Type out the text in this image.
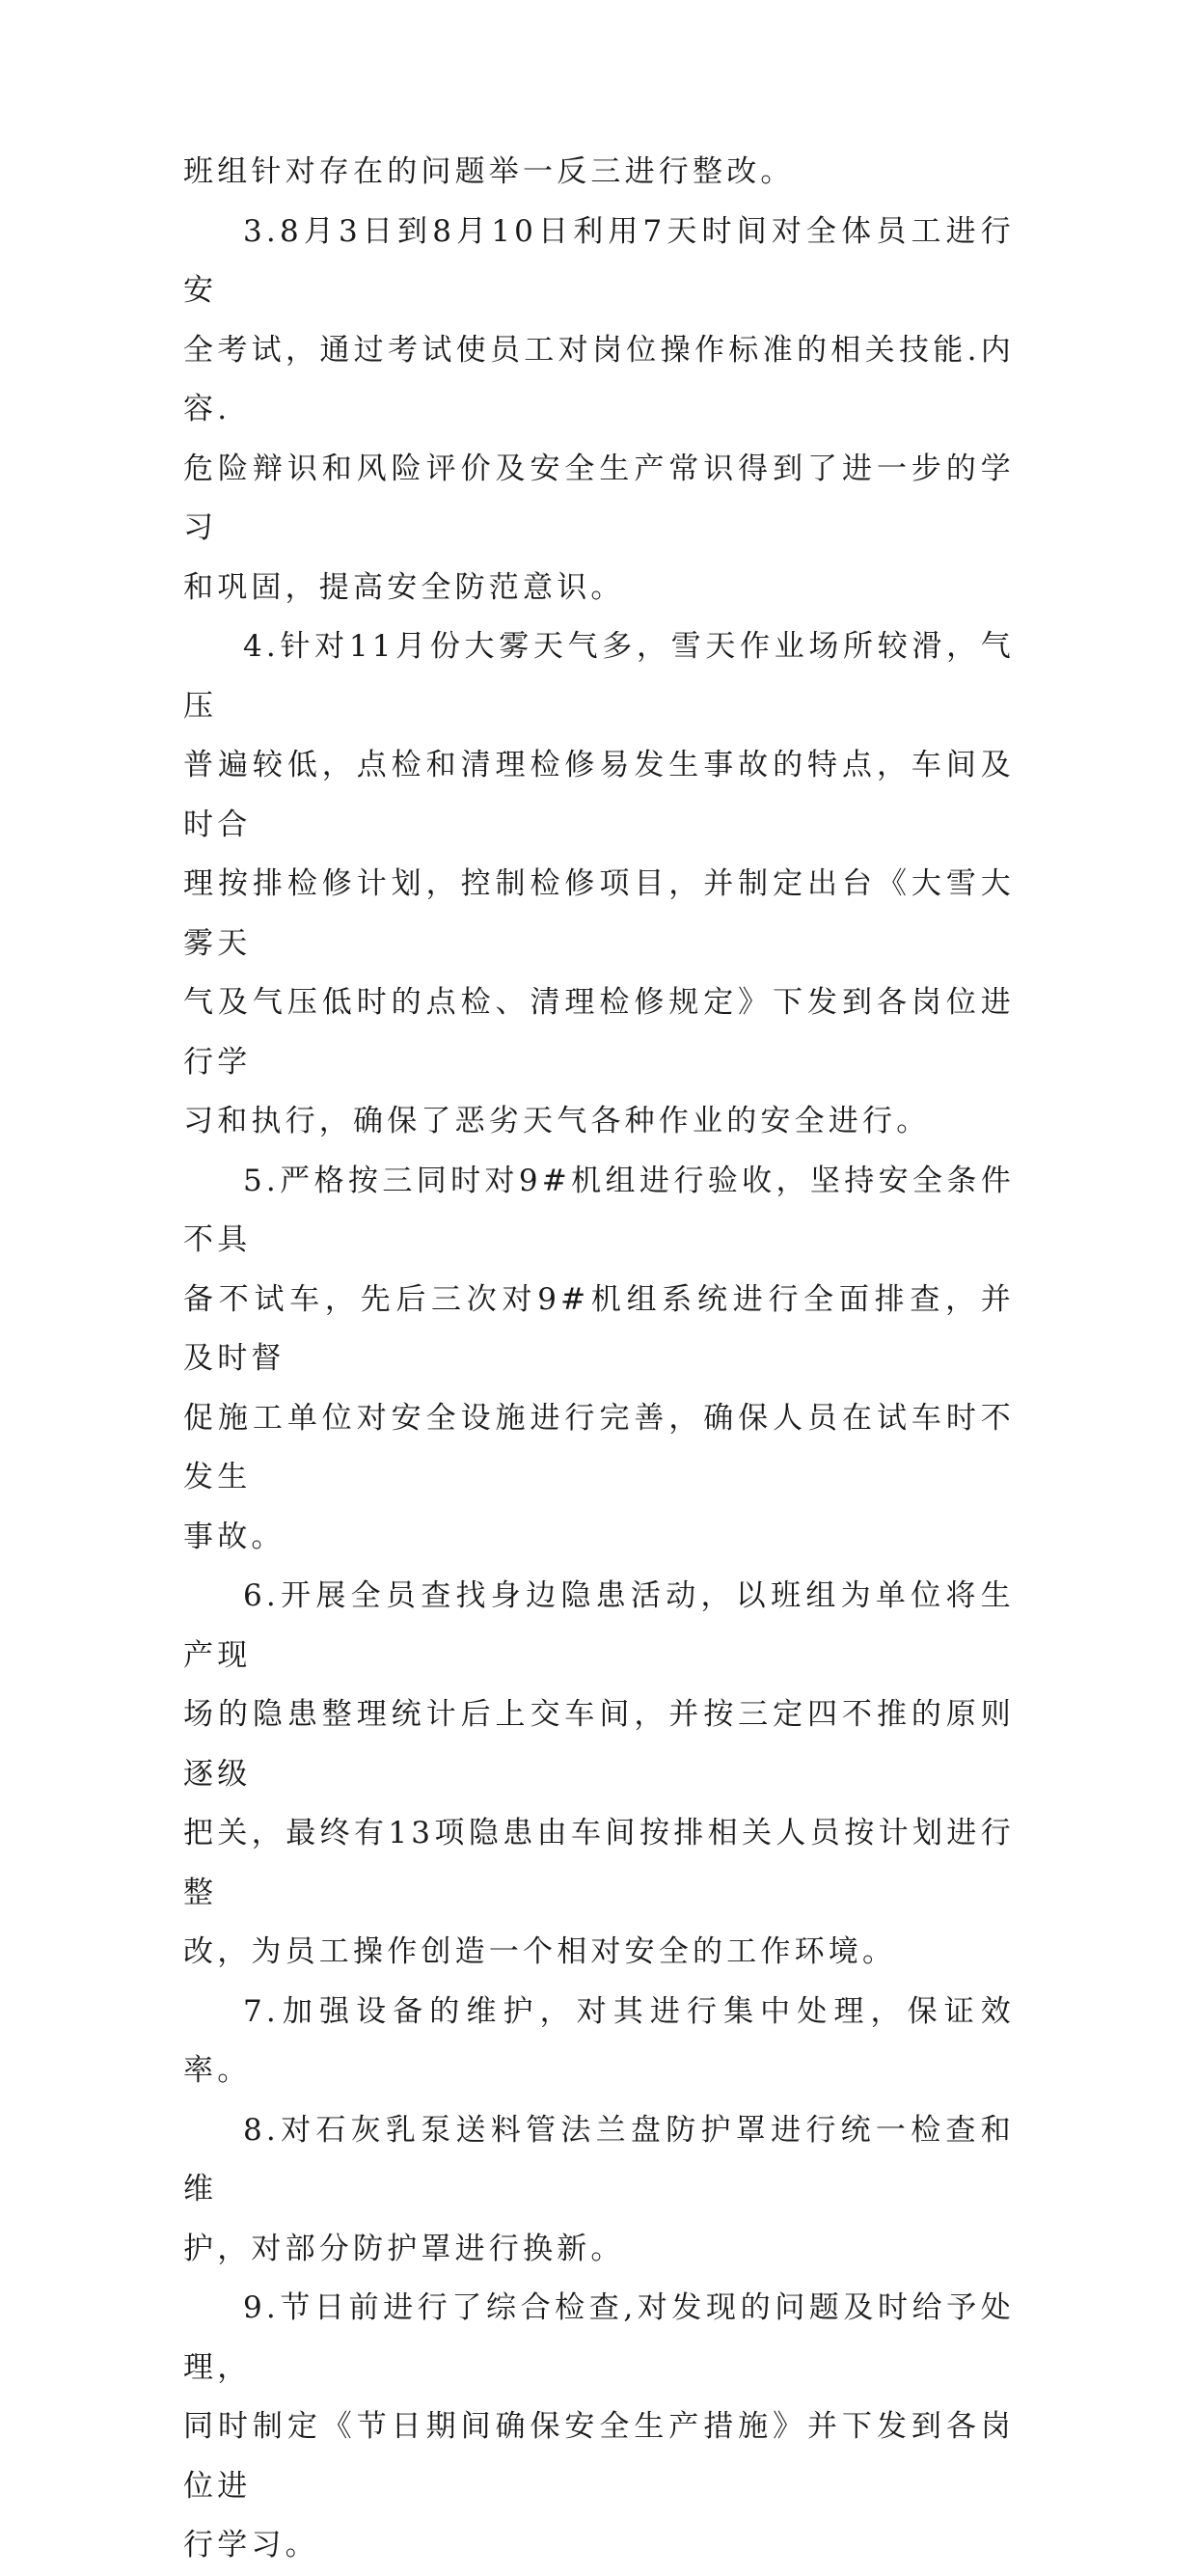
班组针对存在的问题举一反三进行整改。

3.8月3日到8月10日利用7天时间对全体员工进行安
全考试，通过考试使员工对岗位操作标准的相关技能.内容.
危险辩识和风险评价及安全生产常识得到了进一步的学习
和巩固，提高安全防范意识。

4.针对11月份大雾天气多，雪天作业场所较滑，气压
普遍较低，点检和清理检修易发生事故的特点，车间及时合
理按排检修计划，控制检修项目，并制定出台《大雪大雾天
气及气压低时的点检、清理检修规定》下发到各岗位进行学
习和执行，确保了恶劣天气各种作业的安全进行。

5.严格按三同时对9#机组进行验收，坚持安全条件不具
备不试车，先后三次对9#机组系统进行全面排查，并及时督
促施工单位对安全设施进行完善，确保人员在试车时不发生
事故。

6.开展全员查找身边隐患活动，以班组为单位将生产现
场的隐患整理统计后上交车间，并按三定四不推的原则逐级
把关，最终有13项隐患由车间按排相关人员按计划进行整
改，为员工操作创造一个相对安全的工作环境。

7.加强设备的维护，对其进行集中处理，保证效率。

8.对石灰乳泵送料管法兰盘防护罩进行统一检查和维
护，对部分防护罩进行换新。

9.节日前进行了综合检查,对发现的问题及时给予处理，
同时制定《节日期间确保安全生产措施》并下发到各岗位进
行学习。
